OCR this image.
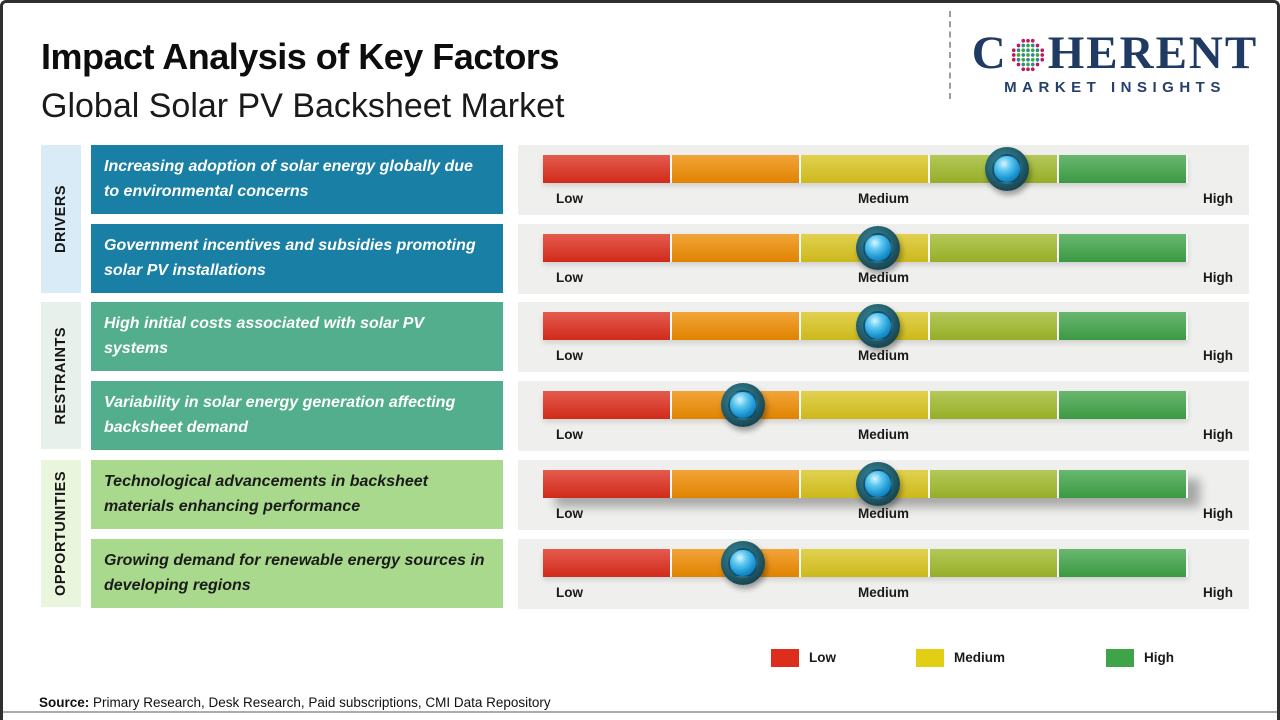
Impact Analysis of Key Factors
Global Solar PV Backsheet Market
C HERENT
MARKET INSIGHTS
DRIVERS
RESTRAINTS
OPPORTUNITIES
Increasing adoption of solar energy globally due to environmental concerns
Government incentives and subsidies promoting solar PV installations
High initial costs associated with solar PV systems
Variability in solar energy generation affecting backsheet demand
Technological advancements in backsheet materials enhancing performance
Growing demand for renewable energy sources in developing regions
Low	Medium	High
Low	Medium	High
Low	Medium	High
Low	Medium	High
Low	Medium	High
Low	Medium	High
Low	Medium	High
Source: Primary Research, Desk Research, Paid subscriptions, CMI Data Repository
